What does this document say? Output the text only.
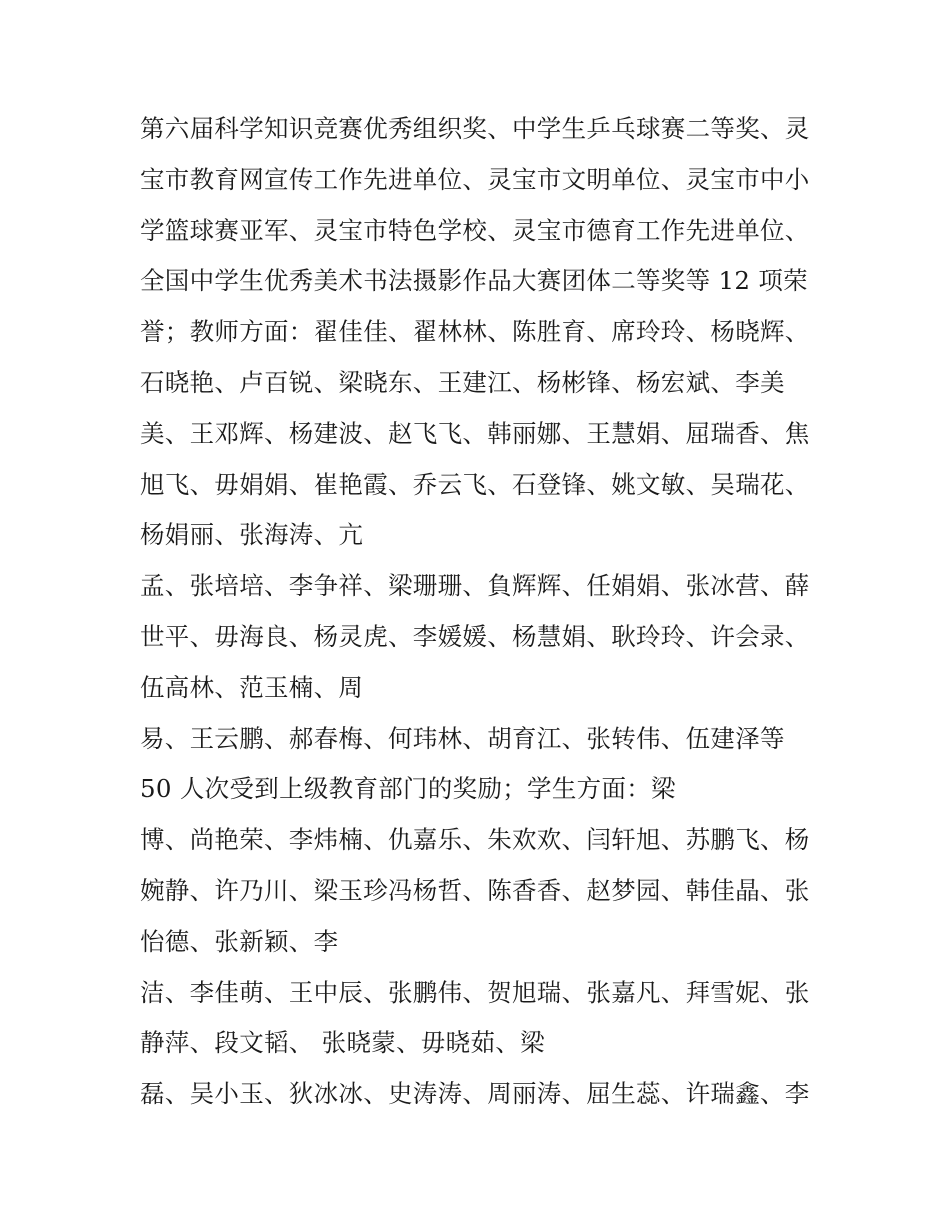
第六届科学知识竞赛优秀组织奖、中学生乒乓球赛二等奖、灵
宝市教育网宣传工作先进单位、灵宝市文明单位、灵宝市中小
学篮球赛亚军、灵宝市特色学校、灵宝市德育工作先进单位、
全国中学生优秀美术书法摄影作品大赛团体二等奖等 12 项荣
誉；教师方面：翟佳佳、翟林林、陈胜育、席玲玲、杨晓辉、
石晓艳、卢百锐、梁晓东、王建江、杨彬锋、杨宏斌、李美
美、王邓辉、杨建波、赵飞飞、韩丽娜、王慧娟、屈瑞香、焦
旭飞、毋娟娟、崔艳霞、乔云飞、石登锋、姚文敏、吴瑞花、
杨娟丽、张海涛、亢
孟、张培培、李争祥、梁珊珊、負辉辉、任娟娟、张冰营、薛
世平、毋海良、杨灵虎、李媛媛、杨慧娟、耿玲玲、许会录、
伍高林、范玉楠、周
易、王云鹏、郝春梅、何玮林、胡育江、张转伟、伍建泽等
50 人次受到上级教育部门的奖励；学生方面：梁
博、尚艳荣、李炜楠、仇嘉乐、朱欢欢、闫轩旭、苏鹏飞、杨
婉静、许乃川、梁玉珍冯杨哲、陈香香、赵梦园、韩佳晶、张
怡德、张新颖、李
洁、李佳萌、王中辰、张鹏伟、贺旭瑞、张嘉凡、拜雪妮、张
静萍、段文韬、 张晓蒙、毋晓茹、梁
磊、吴小玉、狄冰冰、史涛涛、周丽涛、屈生蕊、许瑞鑫、李
